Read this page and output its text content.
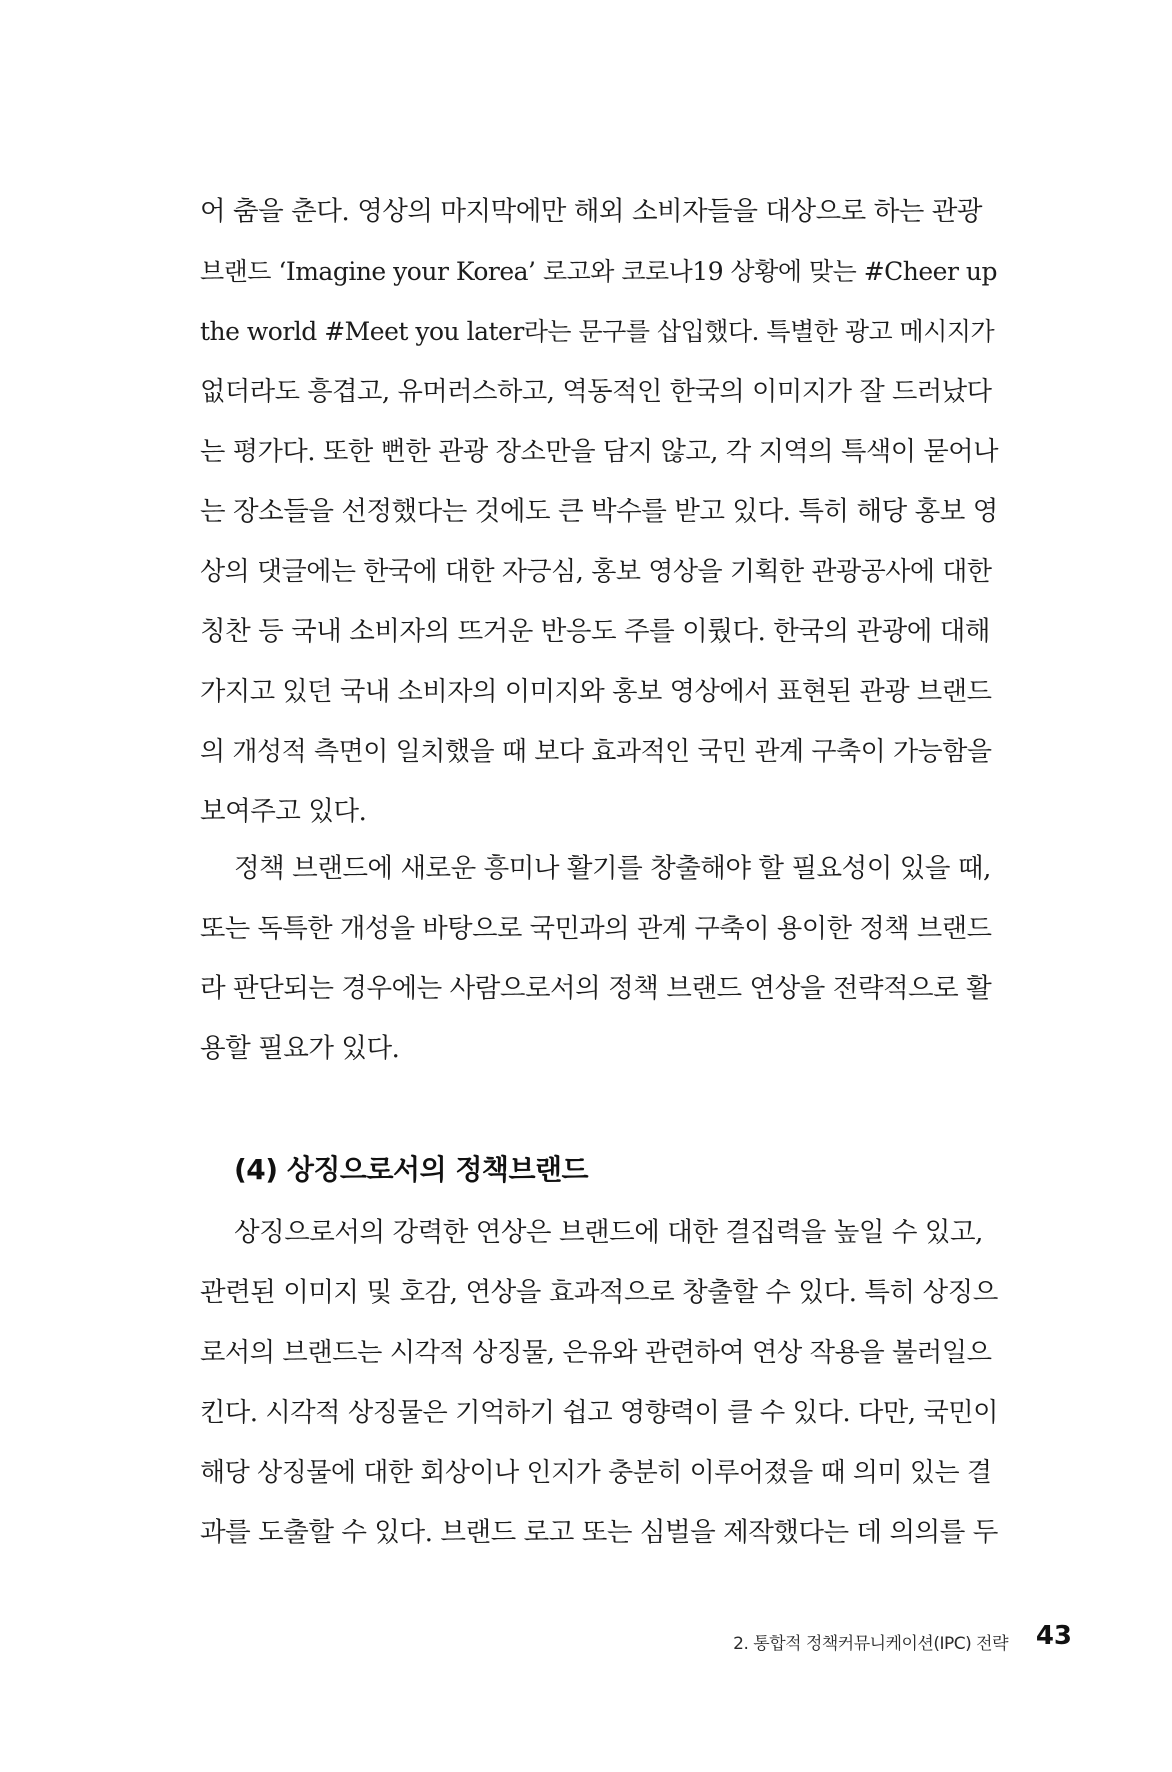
어 춤을 춘다. 영상의 마지막에만 해외 소비자들을 대상으로 하는 관광
브랜드 ‘Imagine your Korea’ 로고와 코로나19 상황에 맞는 #Cheer up
the world #Meet you later라는 문구를 삽입했다. 특별한 광고 메시지가
없더라도 흥겹고, 유머러스하고, 역동적인 한국의 이미지가 잘 드러났다
는 평가다. 또한 뻔한 관광 장소만을 담지 않고, 각 지역의 특색이 묻어나
는 장소들을 선정했다는 것에도 큰 박수를 받고 있다. 특히 해당 홍보 영
상의 댓글에는 한국에 대한 자긍심, 홍보 영상을 기획한 관광공사에 대한
칭찬 등 국내 소비자의 뜨거운 반응도 주를 이뤘다. 한국의 관광에 대해
가지고 있던 국내 소비자의 이미지와 홍보 영상에서 표현된 관광 브랜드
의 개성적 측면이 일치했을 때 보다 효과적인 국민 관계 구축이 가능함을
보여주고 있다.

정책 브랜드에 새로운 흥미나 활기를 창출해야 할 필요성이 있을 때,
또는 독특한 개성을 바탕으로 국민과의 관계 구축이 용이한 정책 브랜드
라 판단되는 경우에는 사람으로서의 정책 브랜드 연상을 전략적으로 활
용할 필요가 있다.

(4) 상징으로서의 정책브랜드

상징으로서의 강력한 연상은 브랜드에 대한 결집력을 높일 수 있고,
관련된 이미지 및 호감, 연상을 효과적으로 창출할 수 있다. 특히 상징으
로서의 브랜드는 시각적 상징물, 은유와 관련하여 연상 작용을 불러일으
킨다. 시각적 상징물은 기억하기 쉽고 영향력이 클 수 있다. 다만, 국민이
해당 상징물에 대한 회상이나 인지가 충분히 이루어졌을 때 의미 있는 결
과를 도출할 수 있다. 브랜드 로고 또는 심벌을 제작했다는 데 의의를 두

2. 통합적 정책커뮤니케이션(IPC) 전략 43
